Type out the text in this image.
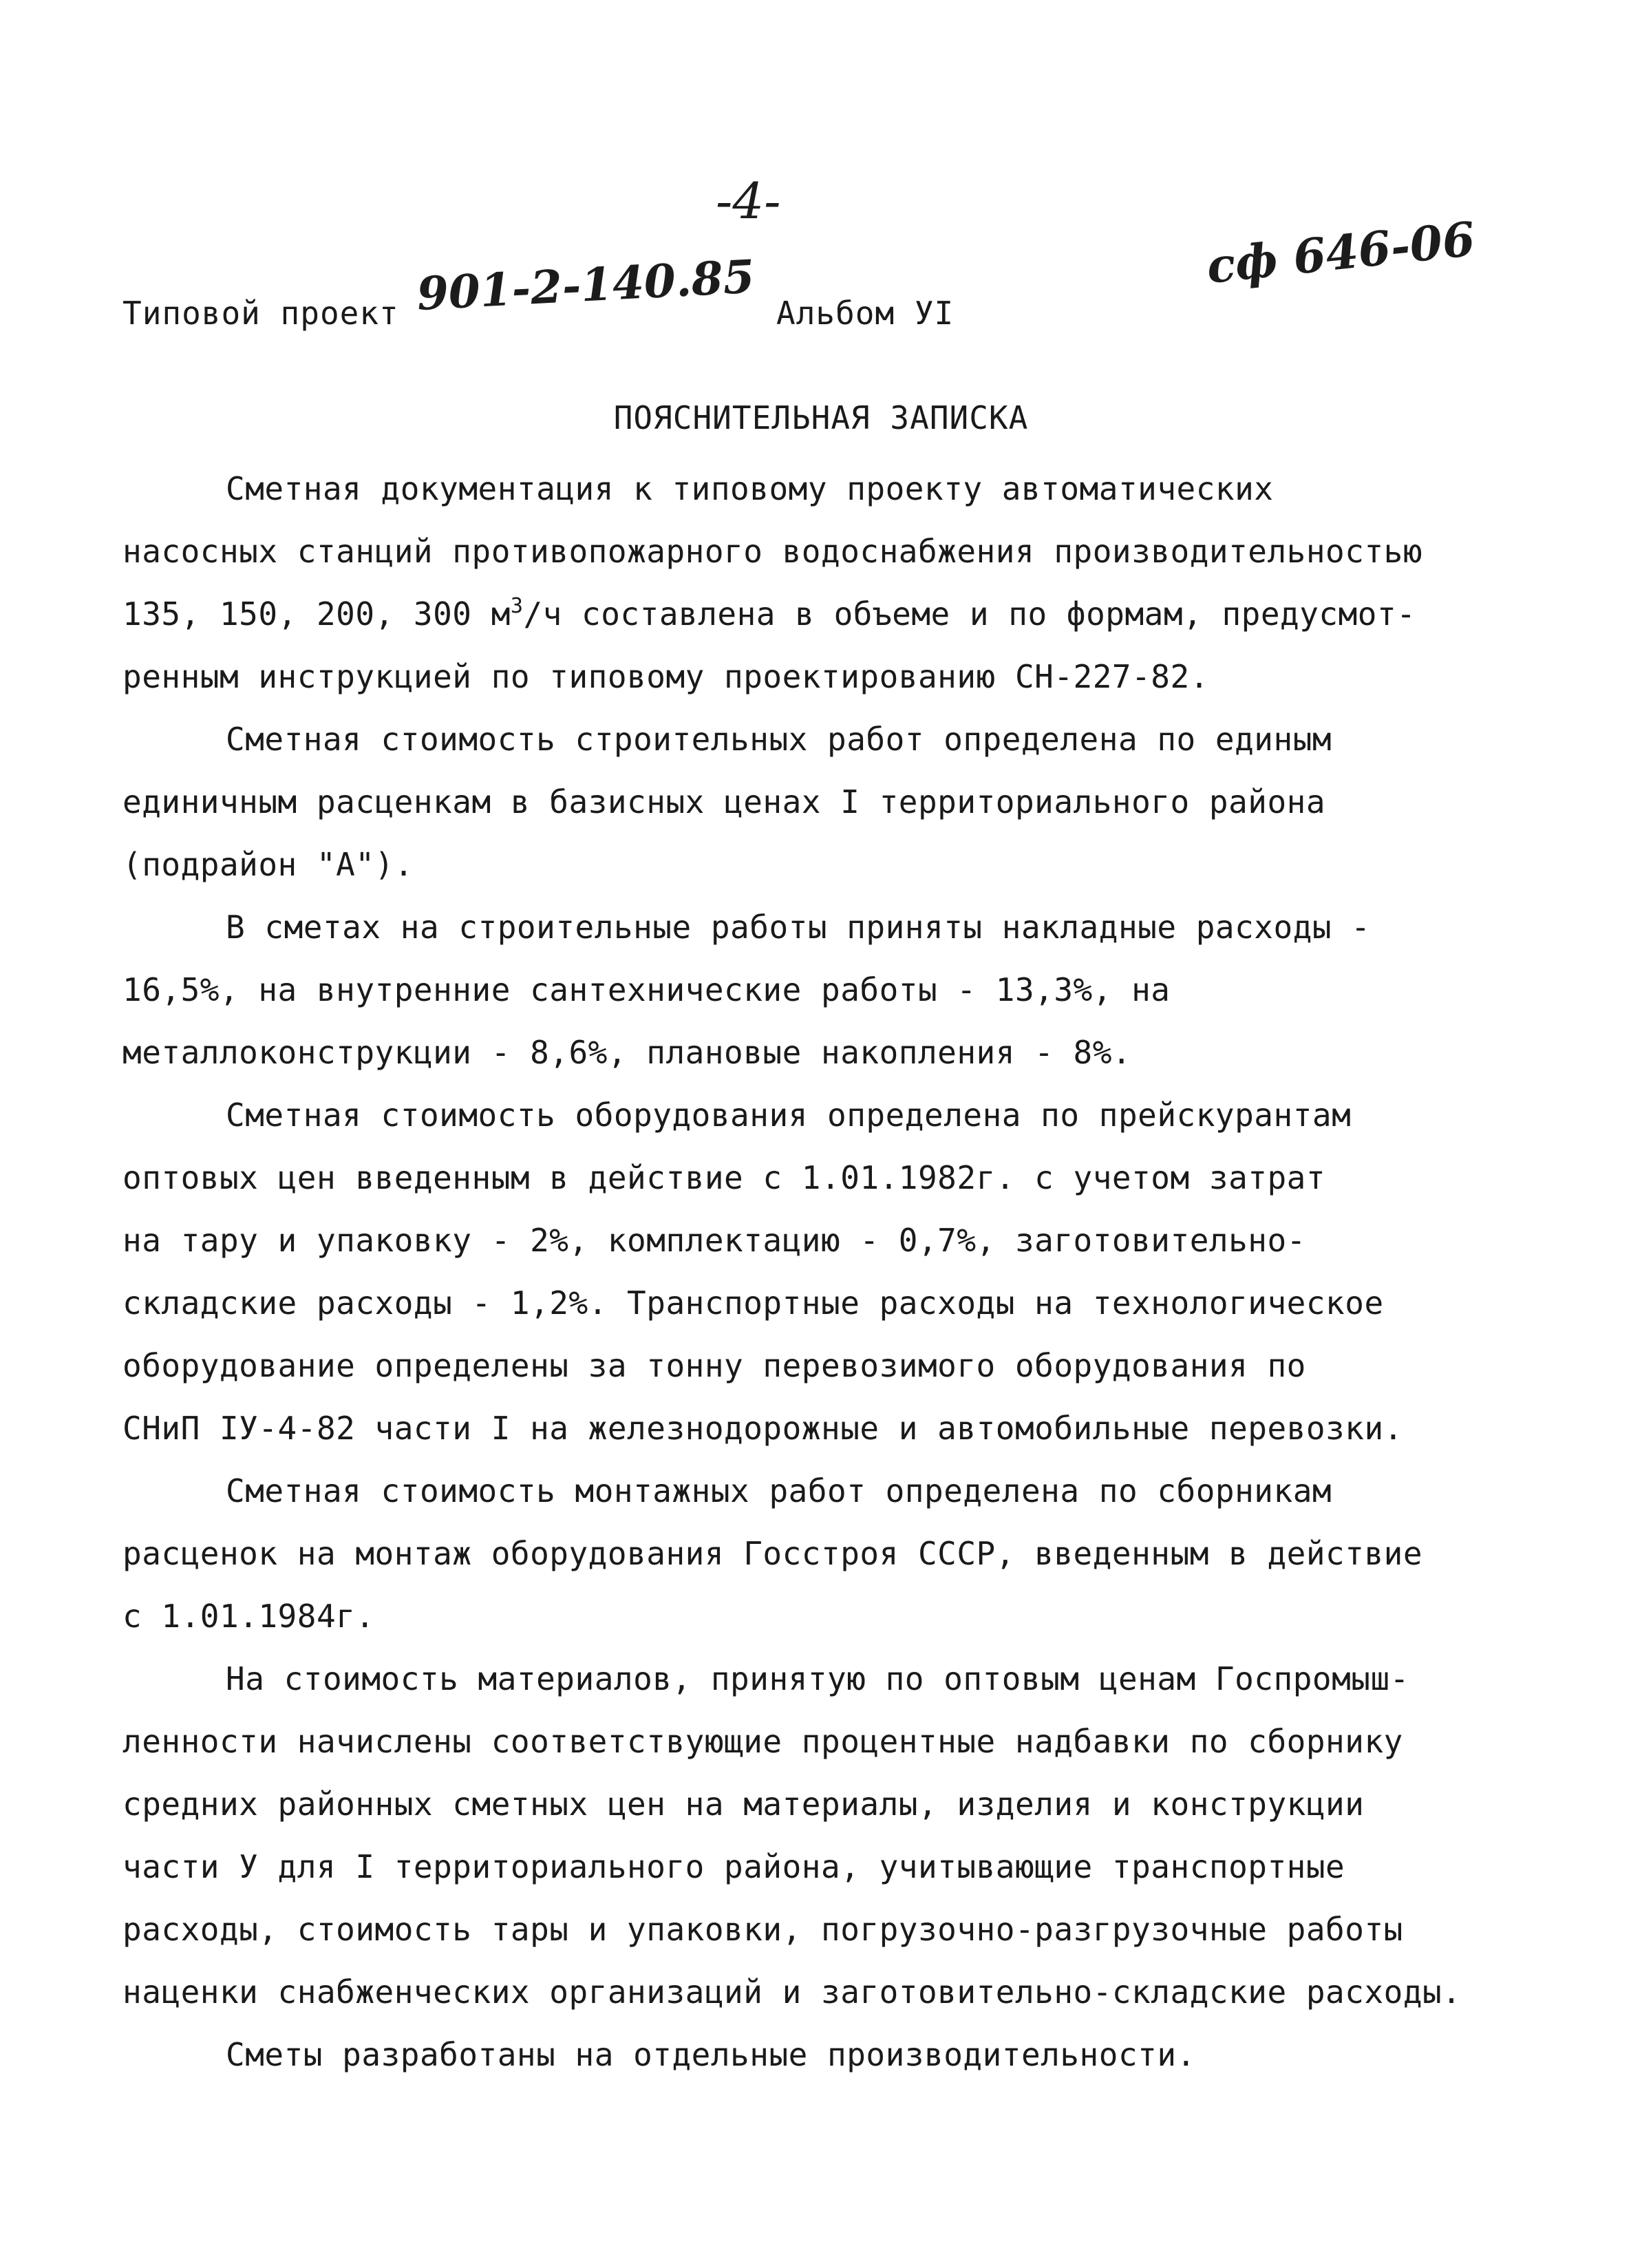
-4-
Типовой проект 901-2-140.85 Альбом УI
сф 646-06
ПОЯСНИТЕЛЬНАЯ ЗАПИСКА
Сметная документация к типовому проекту автоматических
насосных станций противопожарного водоснабжения производительностью
135, 150, 200, 300 $м^3/ч$ составлена в объеме и по формам, предусмот-
ренным инструкцией по типовому проектированию СН-227-82.
Сметная стоимость строительных работ определена по единым
единичным расценкам в базисных ценах I территориального района
(подрайон "А").
В сметах на строительные работы приняты накладные расходы -
16,5%, на внутренние сантехнические работы - 13,3%, на
металлоконструкции - 8,6%, плановые накопления - 8%.
Сметная стоимость оборудования определена по прейскурантам
оптовых цен введенным в действие с 1.01.1982г. с учетом затрат
на тару и упаковку - 2%, комплектацию - 0,7%, заготовительно-
складские расходы - 1,2%. Транспортные расходы на технологическое
оборудование определены за тонну перевозимого оборудования по
СНиП IУ-4-82 части I на железнодорожные и автомобильные перевозки.
Сметная стоимость монтажных работ определена по сборникам
расценок на монтаж оборудования Госстроя СССР, введенным в действие
с 1.01.1984г.
На стоимость материалов, принятую по оптовым ценам Госпромыш-
ленности начислены соответствующие процентные надбавки по сборнику
средних районных сметных цен на материалы, изделия и конструкции
части У для I территориального района, учитывающие транспортные
расходы, стоимость тары и упаковки, погрузочно-разгрузочные работы
наценки снабженческих организаций и заготовительно-складские расходы.
Сметы разработаны на отдельные производительности.
